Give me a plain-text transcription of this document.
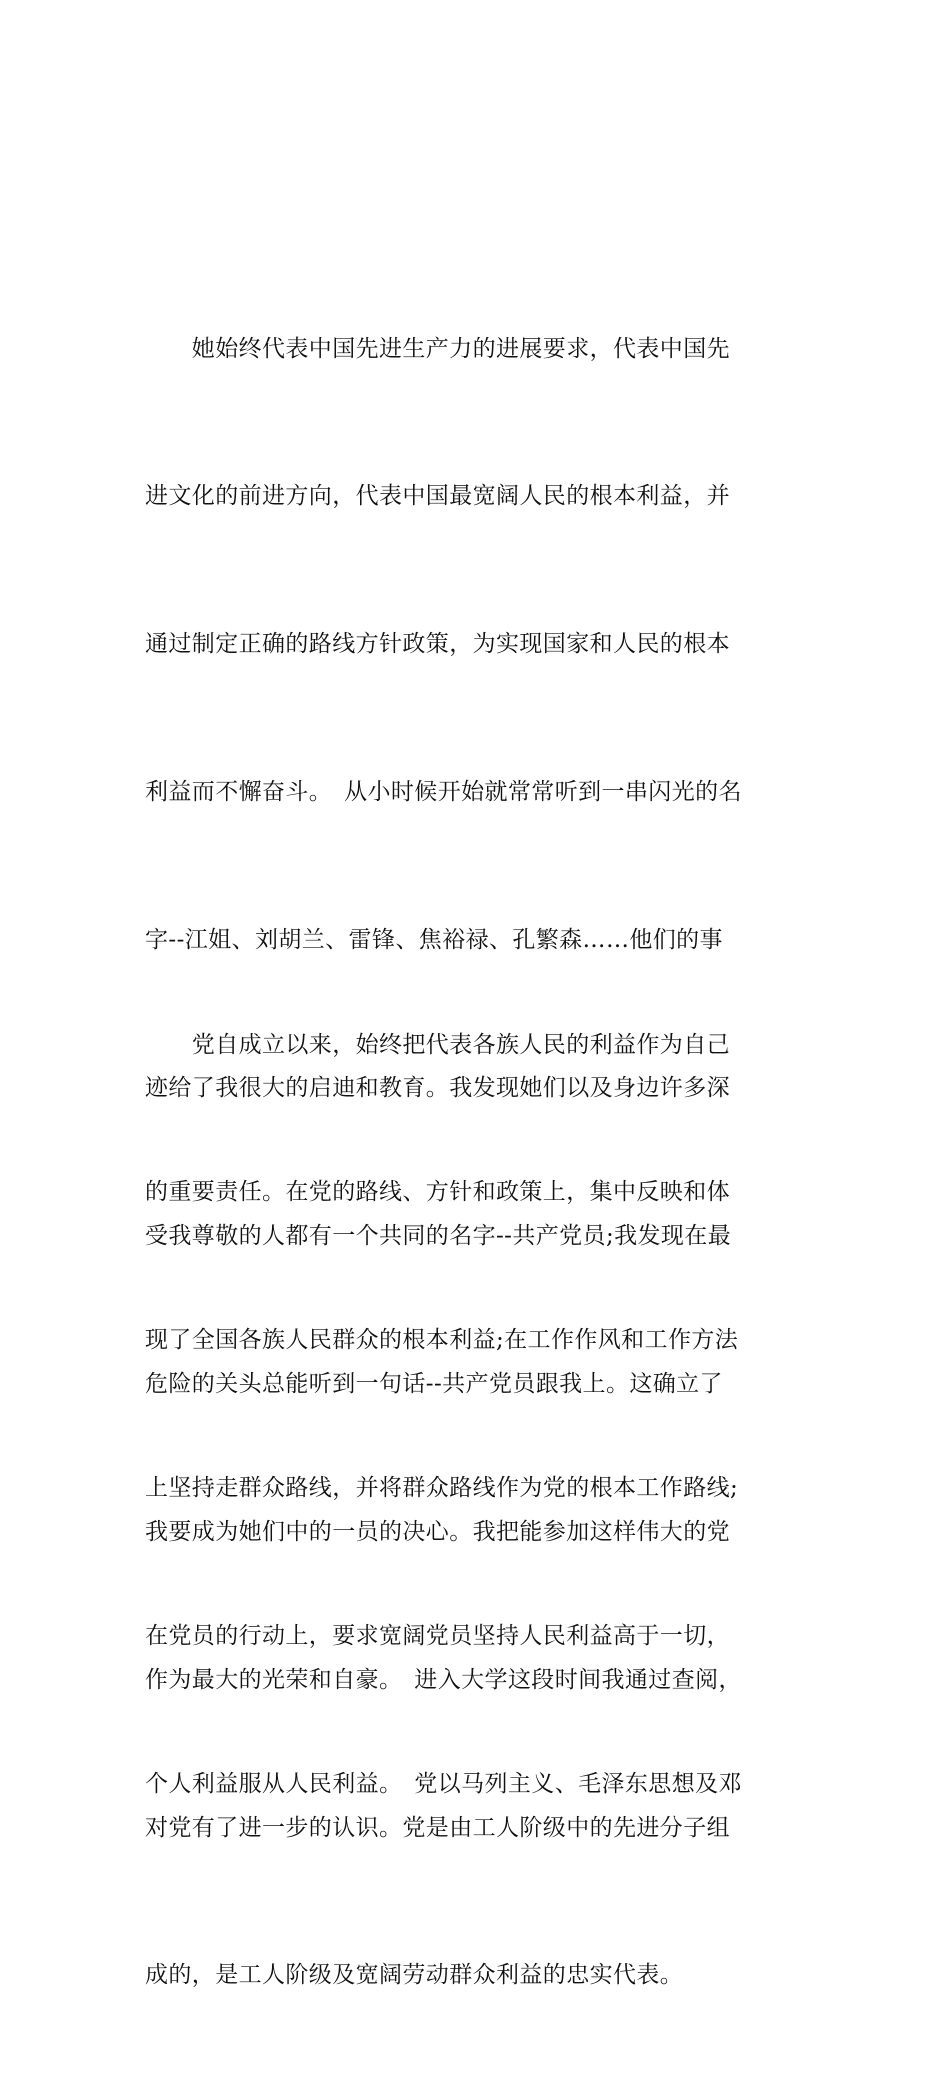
　　她始终代表中国先进生产力的进展要求，代表中国先

进文化的前进方向，代表中国最宽阔人民的根本利益，并

通过制定正确的路线方针政策，为实现国家和人民的根本

利益而不懈奋斗。　从小时候开始就常常听到一串闪光的名

字--江姐、刘胡兰、雷锋、焦裕禄、孔繁森……他们的事

迹给了我很大的启迪和教育。我发现她们以及身边许多深

受我尊敬的人都有一个共同的名字--共产党员;我发现在最

危险的关头总能听到一句话--共产党员跟我上。这确立了

我要成为她们中的一员的决心。我把能参加这样伟大的党

作为最大的光荣和自豪。　进入大学这段时间我通过查阅，

对党有了进一步的认识。党是由工人阶级中的先进分子组

成的，是工人阶级及宽阔劳动群众利益的忠实代表。

　　党自成立以来，始终把代表各族人民的利益作为自己

的重要责任。在党的路线、方针和政策上，集中反映和体

现了全国各族人民群众的根本利益;在工作作风和工作方法

上坚持走群众路线，并将群众路线作为党的根本工作路线;

在党员的行动上，要求宽阔党员坚持人民利益高于一切，

个人利益服从人民利益。　党以马列主义、毛泽东思想及邓
